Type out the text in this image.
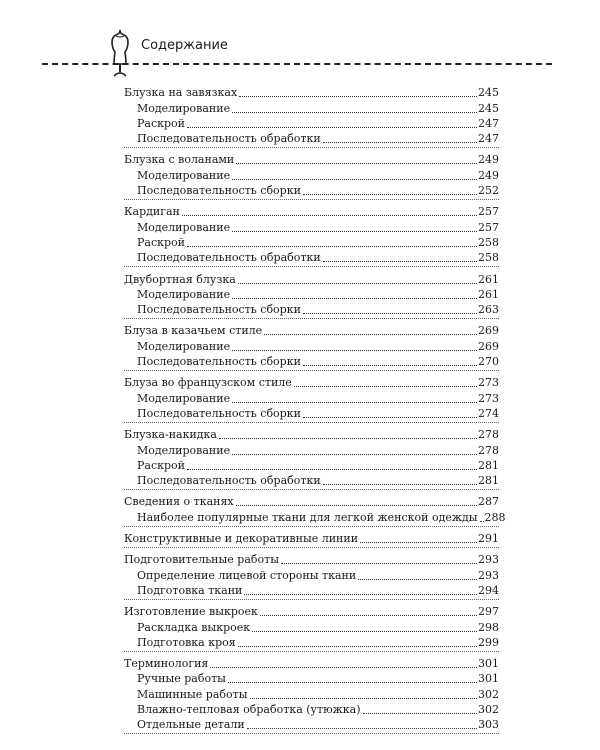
Содержание
Блузка на завязках	245
Моделирование	245
Раскрой	247
Последовательность обработки	247
Блузка с воланами	249
Моделирование	249
Последовательность сборки	252
Кардиган	257
Моделирование	257
Раскрой	258
Последовательность обработки	258
Двубортная блузка	261
Моделирование	261
Последовательность сборки	263
Блуза в казачьем стиле	269
Моделирование	269
Последовательность сборки	270
Блуза во французском стиле	273
Моделирование	273
Последовательность сборки	274
Блузка-накидка	278
Моделирование	278
Раскрой	281
Последовательность обработки	281
Сведения о тканях	287
Наиболее популярные ткани для легкой женской одежды 288
Конструктивные и декоративные линии	291
Подготовительные работы	293
Определение лицевой стороны ткани	293
Подготовка ткани	294
Изготовление выкроек	297
Раскладка выкроек	298
Подготовка кроя	299
Терминология	301
Ручные работы	301
Машинные работы	302
Влажно-тепловая обработка (утюжка)	302
Отдельные детали	303
